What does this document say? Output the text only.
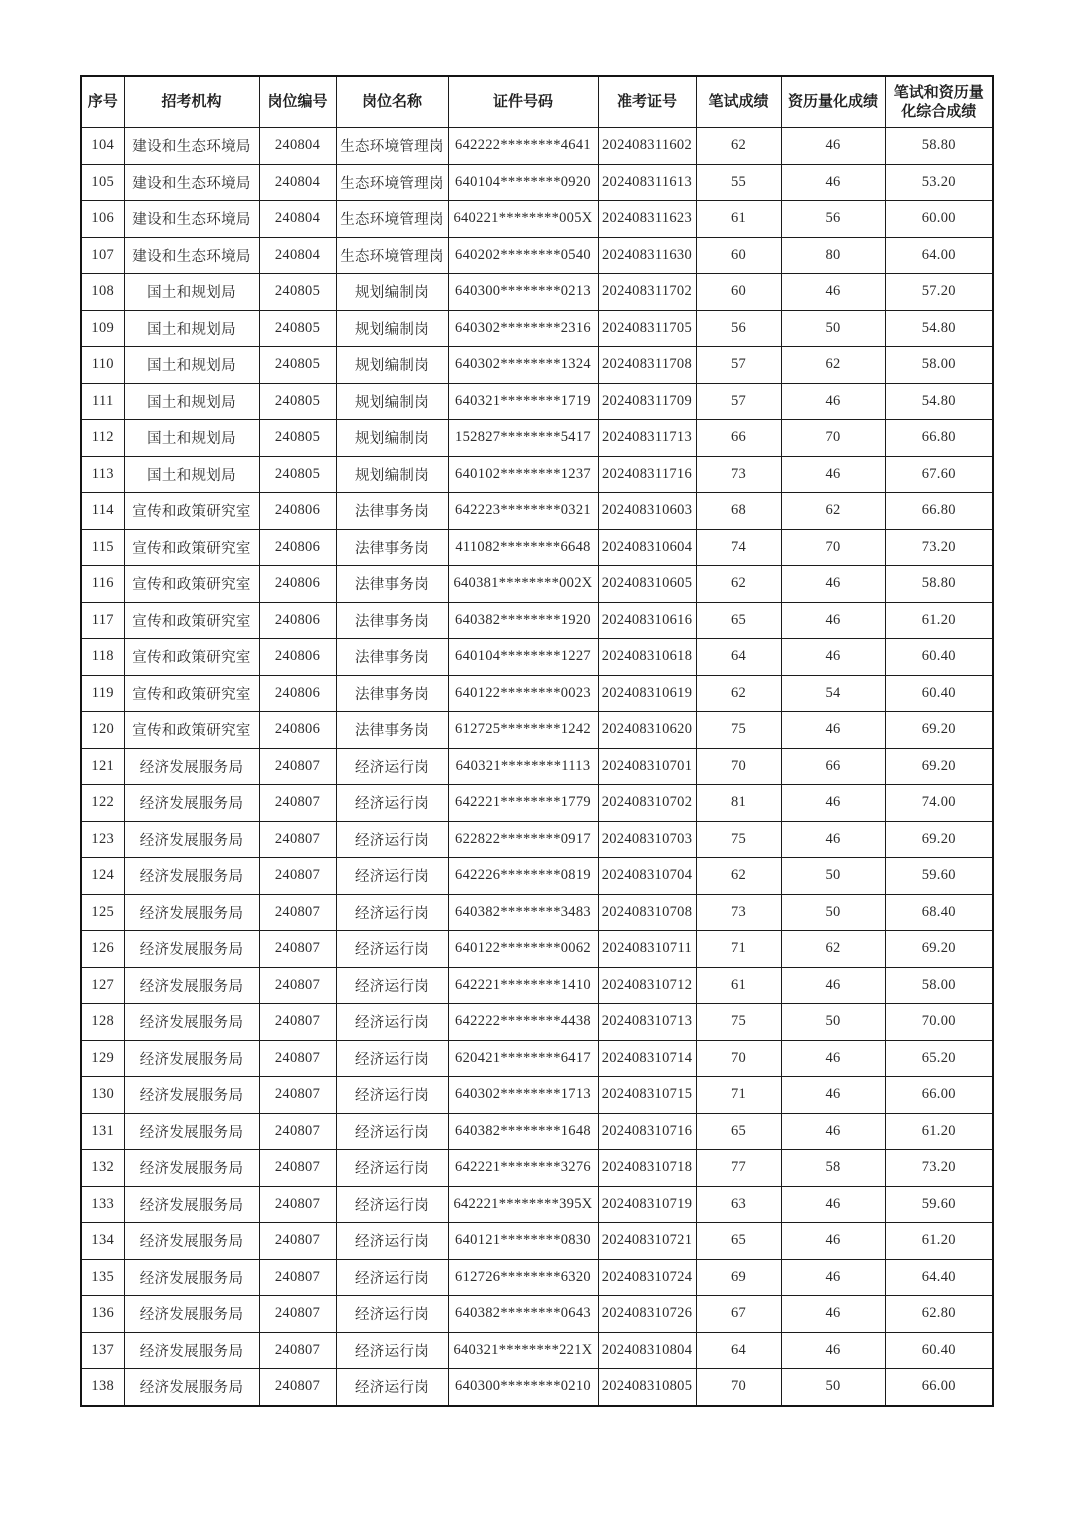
序号	招考机构	岗位编号	岗位名称	证件号码	准考证号	笔试成绩	资历量化成绩	笔试和资历量化综合成绩
104	建设和生态环境局	240804	生态环境管理岗	642222********4641	202408311602	62	46	58.80
105	建设和生态环境局	240804	生态环境管理岗	640104********0920	202408311613	55	46	53.20
106	建设和生态环境局	240804	生态环境管理岗	640221********005X	202408311623	61	56	60.00
107	建设和生态环境局	240804	生态环境管理岗	640202********0540	202408311630	60	80	64.00
108	国土和规划局	240805	规划编制岗	640300********0213	202408311702	60	46	57.20
109	国土和规划局	240805	规划编制岗	640302********2316	202408311705	56	50	54.80
110	国土和规划局	240805	规划编制岗	640302********1324	202408311708	57	62	58.00
111	国土和规划局	240805	规划编制岗	640321********1719	202408311709	57	46	54.80
112	国土和规划局	240805	规划编制岗	152827********5417	202408311713	66	70	66.80
113	国土和规划局	240805	规划编制岗	640102********1237	202408311716	73	46	67.60
114	宣传和政策研究室	240806	法律事务岗	642223********0321	202408310603	68	62	66.80
115	宣传和政策研究室	240806	法律事务岗	411082********6648	202408310604	74	70	73.20
116	宣传和政策研究室	240806	法律事务岗	640381********002X	202408310605	62	46	58.80
117	宣传和政策研究室	240806	法律事务岗	640382********1920	202408310616	65	46	61.20
118	宣传和政策研究室	240806	法律事务岗	640104********1227	202408310618	64	46	60.40
119	宣传和政策研究室	240806	法律事务岗	640122********0023	202408310619	62	54	60.40
120	宣传和政策研究室	240806	法律事务岗	612725********1242	202408310620	75	46	69.20
121	经济发展服务局	240807	经济运行岗	640321********1113	202408310701	70	66	69.20
122	经济发展服务局	240807	经济运行岗	642221********1779	202408310702	81	46	74.00
123	经济发展服务局	240807	经济运行岗	622822********0917	202408310703	75	46	69.20
124	经济发展服务局	240807	经济运行岗	642226********0819	202408310704	62	50	59.60
125	经济发展服务局	240807	经济运行岗	640382********3483	202408310708	73	50	68.40
126	经济发展服务局	240807	经济运行岗	640122********0062	202408310711	71	62	69.20
127	经济发展服务局	240807	经济运行岗	642221********1410	202408310712	61	46	58.00
128	经济发展服务局	240807	经济运行岗	642222********4438	202408310713	75	50	70.00
129	经济发展服务局	240807	经济运行岗	620421********6417	202408310714	70	46	65.20
130	经济发展服务局	240807	经济运行岗	640302********1713	202408310715	71	46	66.00
131	经济发展服务局	240807	经济运行岗	640382********1648	202408310716	65	46	61.20
132	经济发展服务局	240807	经济运行岗	642221********3276	202408310718	77	58	73.20
133	经济发展服务局	240807	经济运行岗	642221********395X	202408310719	63	46	59.60
134	经济发展服务局	240807	经济运行岗	640121********0830	202408310721	65	46	61.20
135	经济发展服务局	240807	经济运行岗	612726********6320	202408310724	69	46	64.40
136	经济发展服务局	240807	经济运行岗	640382********0643	202408310726	67	46	62.80
137	经济发展服务局	240807	经济运行岗	640321********221X	202408310804	64	46	60.40
138	经济发展服务局	240807	经济运行岗	640300********0210	202408310805	70	50	66.00
